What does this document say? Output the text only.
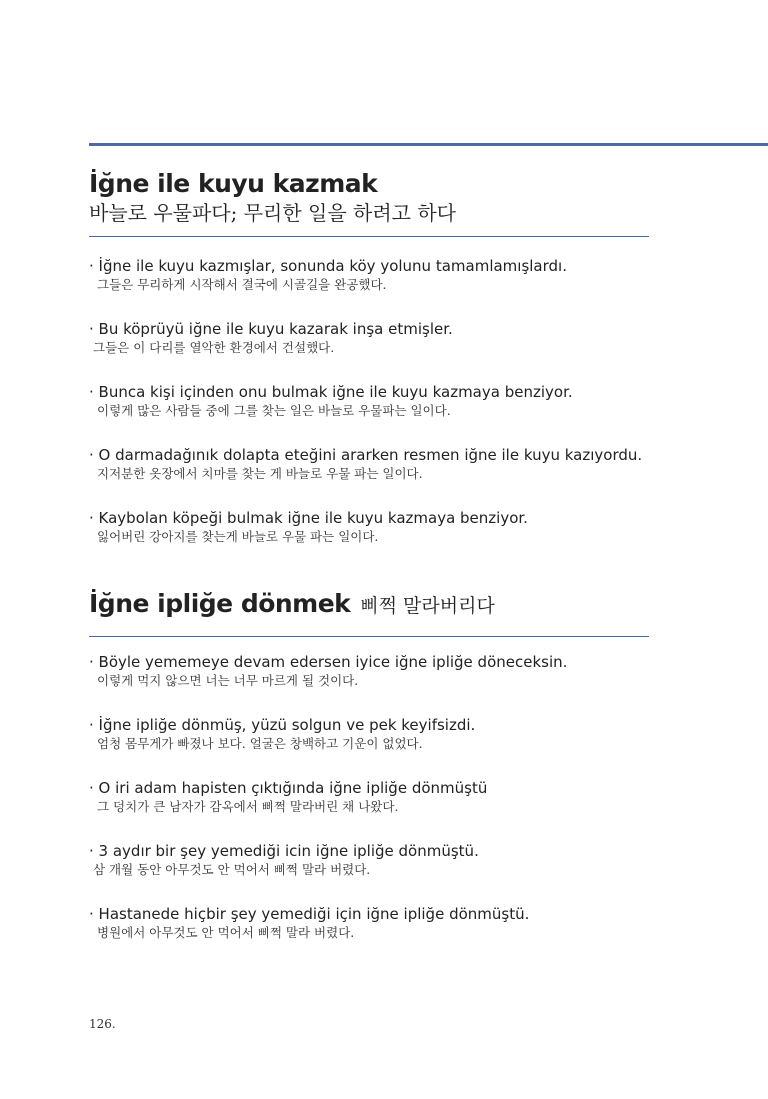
İğne ile kuyu kazmak
바늘로 우물파다; 무리한 일을 하려고 하다
· İğne ile kuyu kazmışlar, sonunda köy yolunu tamamlamışlardı.
그들은 무리하게 시작해서 결국에 시골길을 완공했다.
· Bu köprüyü iğne ile kuyu kazarak inşa etmişler.
그들은 이 다리를 열악한 환경에서 건설했다.
· Bunca kişi içinden onu bulmak iğne ile kuyu kazmaya benziyor.
이렇게 많은 사람들 중에 그를 찾는 일은 바늘로 우물파는 일이다.
· O darmadağınık dolapta eteğini ararken resmen iğne ile kuyu kazıyordu.
지저분한 옷장에서 치마를 찾는 게 바늘로 우물 파는 일이다.
· Kaybolan köpeği bulmak iğne ile kuyu kazmaya benziyor.
잃어버린 강아지를 찾는게 바늘로 우물 파는 일이다.
İğne ipliğe dönmek 삐쩍 말라버리다
· Böyle yememeye devam edersen iyice iğne ipliğe döneceksin.
이렇게 먹지 않으면 너는 너무 마르게 될 것이다.
· İğne ipliğe dönmüş, yüzü solgun ve pek keyifsizdi.
엄청 몸무게가 빠졌나 보다. 얼굴은 창백하고 기운이 없었다.
· O iri adam hapisten çıktığında iğne ipliğe dönmüştü
그 덩치가 큰 남자가 감옥에서 삐쩍 말라버린 채 나왔다.
· 3 aydır bir şey yemediği icin iğne ipliğe dönmüştü.
삼 개월 동안 아무것도 안 먹어서 삐쩍 말라 버렸다.
· Hastanede hiçbir şey yemediği için iğne ipliğe dönmüştü.
병원에서 아무것도 안 먹어서 삐쩍 말라 버렸다.
126.
